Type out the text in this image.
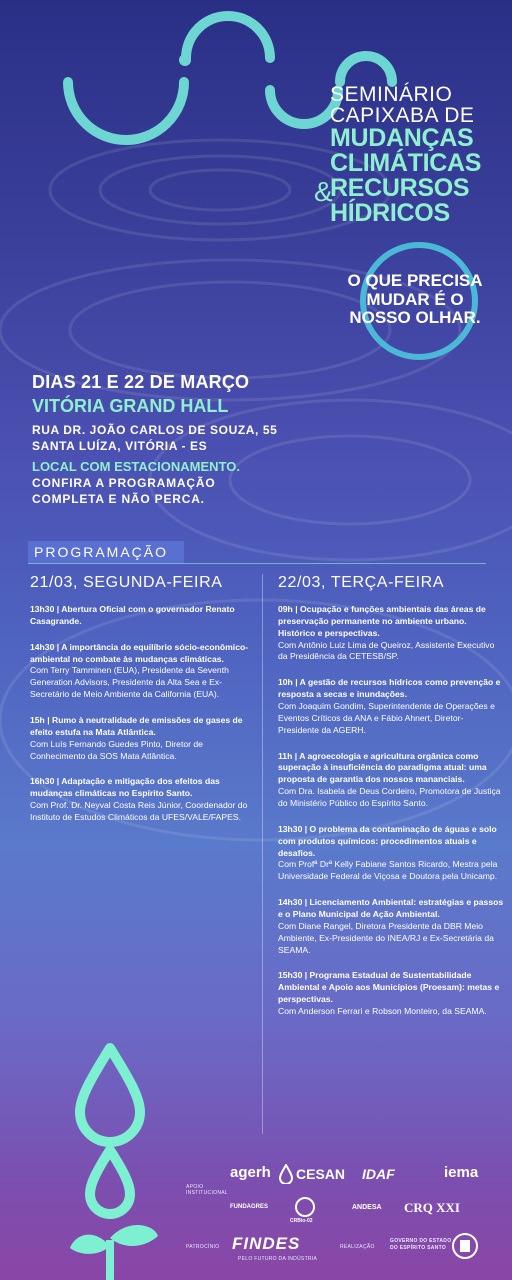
SEMINÁRIO
CAPIXABA DE
MUDANÇAS
CLIMÁTICAS
&
RECURSOS
HÍDRICOS
O QUE PRECISA
MUDAR É O
NOSSO OLHAR.
DIAS 21 E 22 DE MARÇO
VITÓRIA GRAND HALL
RUA DR. JOÃO CARLOS DE SOUZA, 55
SANTA LUÍZA, VITÓRIA - ES
LOCAL COM ESTACIONAMENTO.
CONFIRA A PROGRAMAÇÃO
COMPLETA E NÃO PERCA.
PROGRAMAÇÃO
21/03, SEGUNDA-FEIRA
13h30 | Abertura Oficial com o governador Renato Casagrande.
14h30 | A importância do equilíbrio sócio-econômico-ambiental no combate às mudanças climáticas.
Com Terry Tamminen (EUA), Presidente da Seventh Generation Advisors, Presidente da Alta Sea e Ex-Secretário de Meio Ambiente da California (EUA).
15h | Rumo à neutralidade de emissões de gases de efeito estufa na Mata Atlântica.
Com Luís Fernando Guedes Pinto, Diretor de Conhecimento da SOS Mata Atlântica.
16h30 | Adaptação e mitigação dos efeitos das mudanças climáticas no Espírito Santo.
Com Prof. Dr. Neyval Costa Reis Júnior, Coordenador do Instituto de Estudos Climáticos da UFES/VALE/FAPES.
22/03, TERÇA-FEIRA
09h | Ocupação e funções ambientais das áreas de preservação permanente no ambiente urbano. Histórico e perspectivas.
Com Antônio Luiz Lima de Queiroz, Assistente Executivo da Presidência da CETESB/SP.
10h | A gestão de recursos hídricos como prevenção e resposta a secas e inundações.
Com Joaquim Gondim, Superintendente de Operações e Eventos Críticos da ANA e Fábio Ahnert, Diretor-Presidente da AGERH.
11h | A agroecologia e agricultura orgânica como superação à insuficiência do paradigma atual: uma proposta de garantia dos nossos mananciais.
Com Dra. Isabela de Deus Cordeiro, Promotora de Justiça do Ministério Público do Espírito Santo.
13h30 | O problema da contaminação de águas e solo com produtos químicos: procedimentos atuais e desafios.
Com Profª Drª Kelly Fabiane Santos Ricardo, Mestra pela Universidade Federal de Viçosa e Doutora pela Unicamp.
14h30 | Licenciamento Ambiental: estratégias e passos e o Plano Municipal de Ação Ambiental.
Com Diane Rangel, Diretora Presidente da DBR Meio Ambiente, Ex-Presidente do INEA/RJ e Ex-Secretária da SEAMA.
15h30 | Programa Estadual de Sustentabilidade Ambiental e Apoio aos Municípios (Proesam): metas e perspectivas.
Com Anderson Ferrari e Robson Monteiro, da SEAMA.
APOIO
INSTITUCIONAL
agerh CESAN IDAF	iema
FUNDAGRES
CRBio-02
ANDESA CRQ XXI
PATROCÍNIO FINDES
PELO FUTURO DA INDÚSTRIA
REALIZAÇÃO
GOVERNO DO ESTADO
DO ESPÍRITO SANTO
